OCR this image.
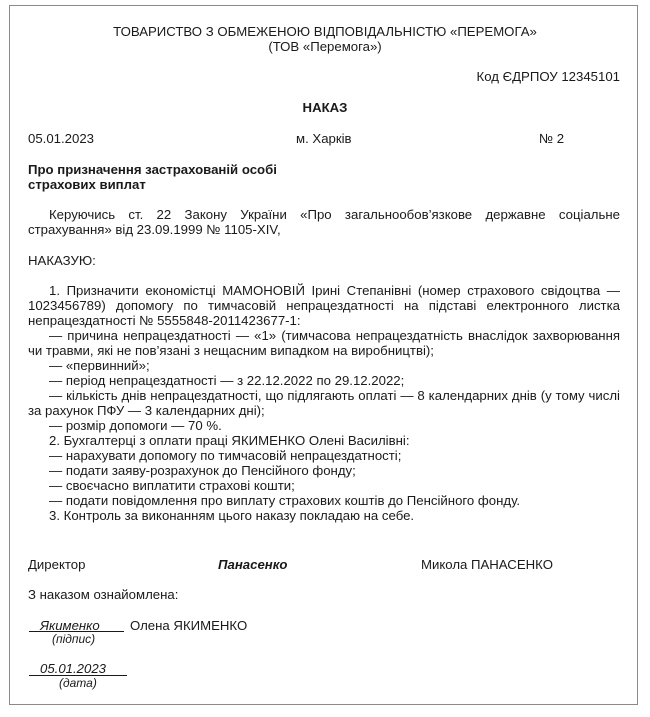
ТОВАРИСТВО З ОБМЕЖЕНОЮ ВІДПОВІДАЛЬНІСТЮ «ПЕРЕМОГА»
(ТОВ «Перемога»)
Код ЄДРПОУ 12345101
НАКАЗ
05.01.2023	м. Харків	№ 2
Про призначення застрахованій особі
страхових виплат
Керуючись ст. 22 Закону України «Про загальнообов’язкове державне соціальне страхування» від 23.09.1999 № 1105-XIV,
НАКАЗУЮ:

1. Призначити економістці МАМОНОВІЙ Ірині Степанівні (номер страхового свідоцтва — 1023456789) допомогу по тимчасовій непрацездатності на підставі електронного листка непрацездатності № 5555848-2011423677-1:

— причина непрацездатності — «1» (тимчасова непрацездатність внаслідок захворювання чи травми, які не пов’язані з нещасним випадком на виробництві);

— «первинний»;

— період непрацездатності — з 22.12.2022 по 29.12.2022;

— кількість днів непрацездатності, що підлягають оплаті — 8 календарних днів (у тому числі за рахунок ПФУ — 3 календарних дні);

— розмір допомоги — 70 %.

2. Бухгалтерці з оплати праці ЯКИМЕНКО Олені Василівні:

— нарахувати допомогу по тимчасовій непрацездатності;

— подати заяву-розрахунок до Пенсійного фонду;

— своєчасно виплатити страхові кошти;

— подати повідомлення про виплату страхових коштів до Пенсійного фонду.

3. Контроль за виконанням цього наказу покладаю на себе.

Директор	Панасенко	Микола ПАНАСЕНКО
З наказом ознайомлена:
Якименко Олена ЯКИМЕНКО
(підпис)
05.01.2023
(дата)
